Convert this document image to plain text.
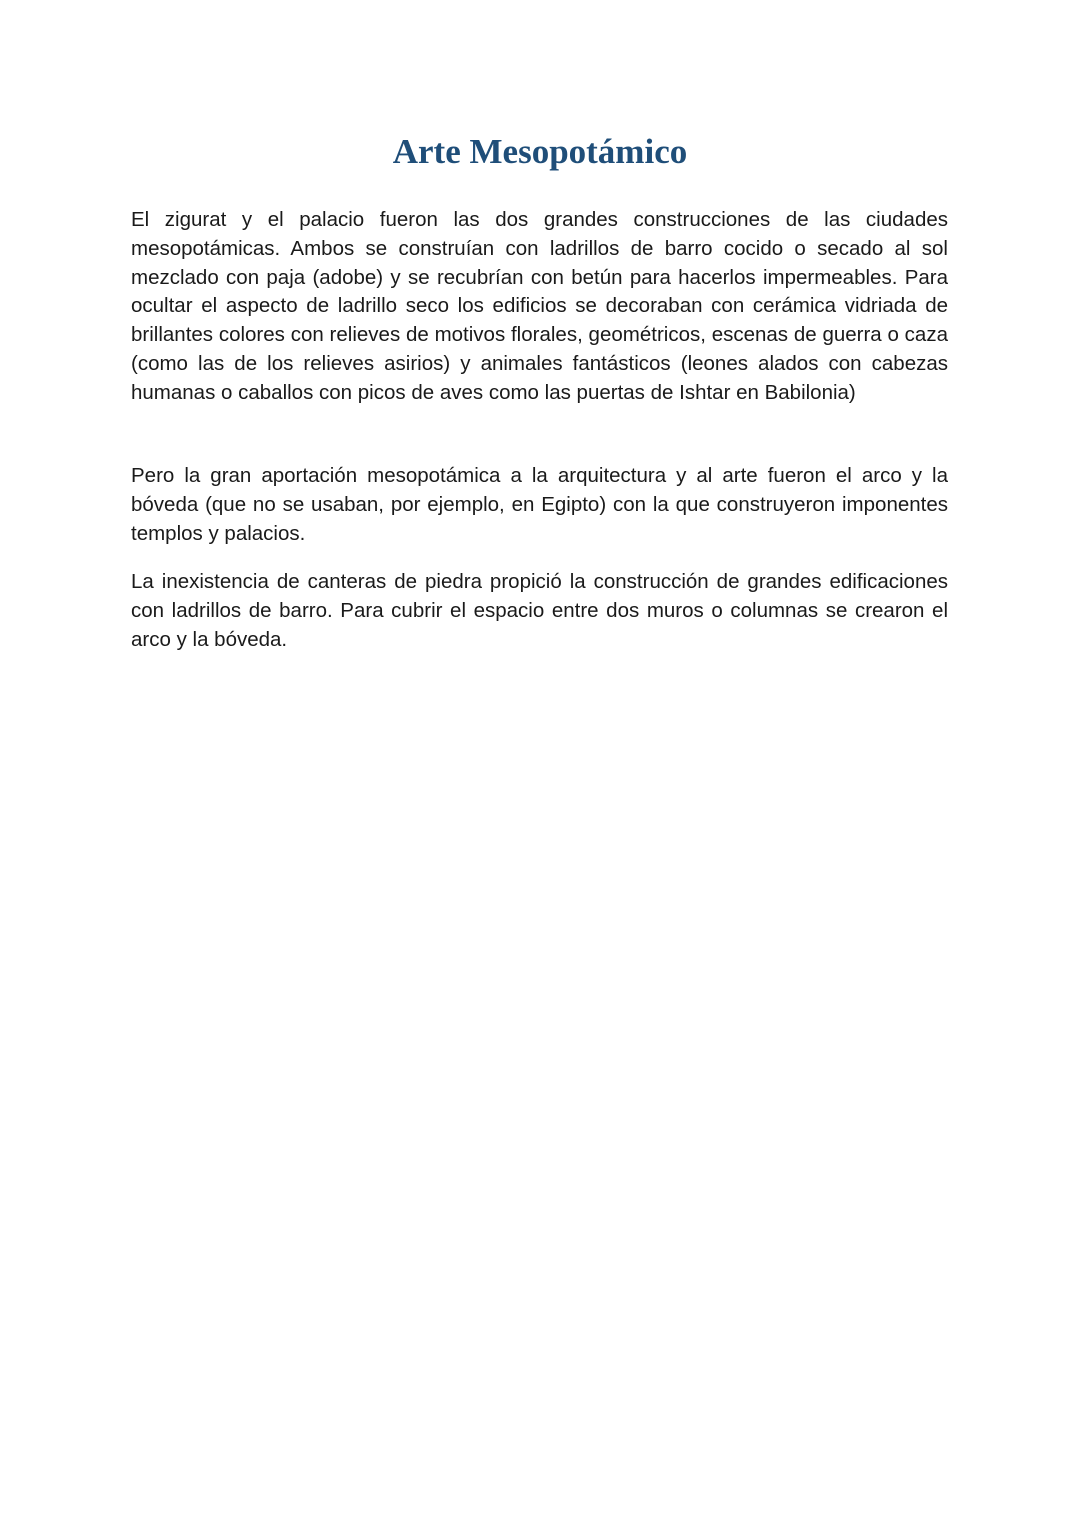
Arte Mesopotámico

El zigurat y el palacio fueron las dos grandes construcciones de las ciudades mesopotámicas. Ambos se construían con ladrillos de barro cocido o secado al sol mezclado con paja (adobe) y se recubrían con betún para hacerlos impermeables. Para ocultar el aspecto de ladrillo seco los edificios se decoraban con cerámica vidriada de brillantes colores con relieves de motivos florales, geométricos, escenas de guerra o caza (como las de los relieves asirios) y animales fantásticos (leones alados con cabezas humanas o caballos con picos de aves como las puertas de Ishtar en Babilonia)

Pero la gran aportación mesopotámica a la arquitectura y al arte fueron el arco y la bóveda (que no se usaban, por ejemplo, en Egipto) con la que construyeron imponentes templos y palacios.

La inexistencia de canteras de piedra propició la construcción de grandes edificaciones con ladrillos de barro. Para cubrir el espacio entre dos muros o columnas se crearon el arco y la bóveda.
